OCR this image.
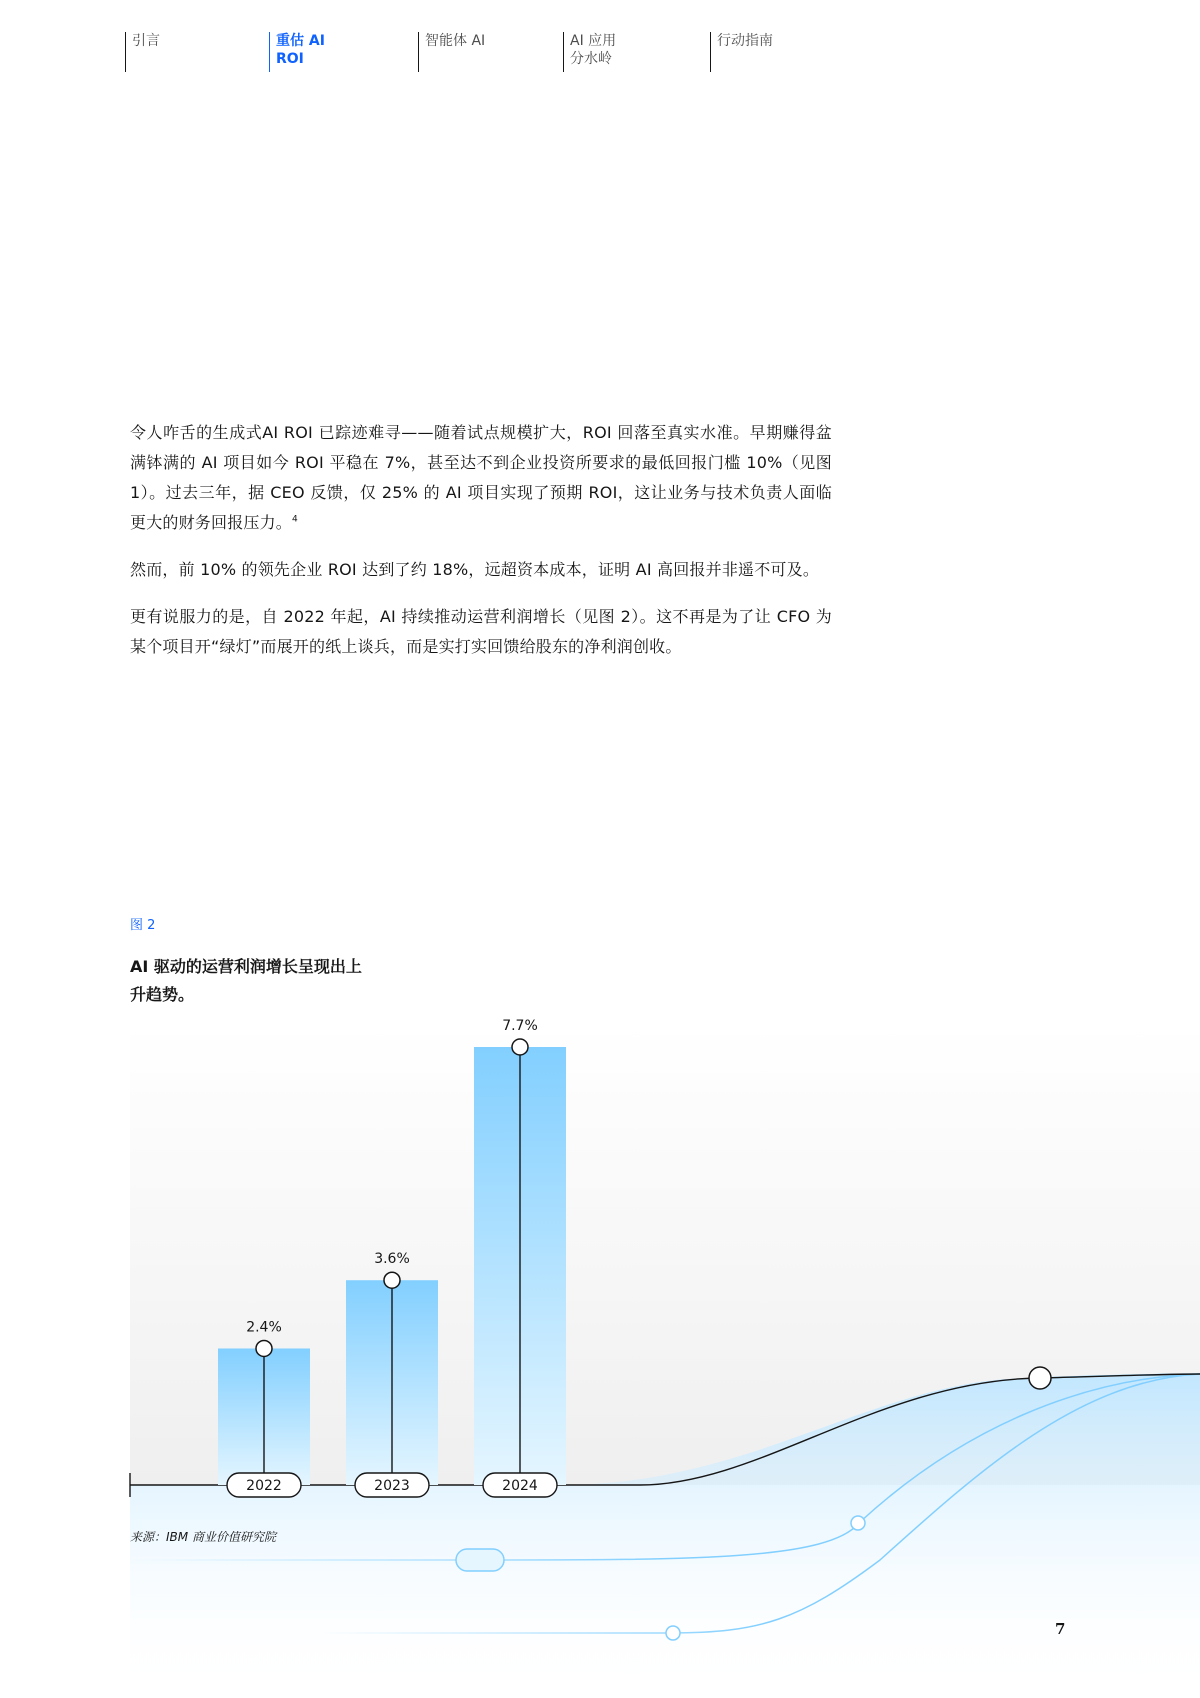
引言	重估 AI
ROI
智能体 AI	AI 应用
分水岭
行动指南

令人咋舌的生成式AI ROI 已踪迹难寻——随着试点规模扩大，ROI 回落至真实水准。早期赚得盆满钵满的 AI 项目如今 ROI 平稳在 7%，甚至达不到企业投资所要求的最低回报门槛 10%（见图 1）。过去三年，据 CEO 反馈，仅 25% 的 AI 项目实现了预期 ROI，这让业务与技术负责人面临更大的财务回报压力。$^4$

然而，前 10% 的领先企业 ROI 达到了约 18%，远超资本成本，证明 AI 高回报并非遥不可及。

更有说服力的是，自 2022 年起，AI 持续推动运营利润增长（见图 2）。这不再是为了让 CFO 为某个项目开“绿灯”而展开的纸上谈兵，而是实打实回馈给股东的净利润创收。

图 2
AI 驱动的运营利润增长呈现出上升趋势。
2.4%
2022
3.6%
2023
7.7%
2024
来源：IBM 商业价值研究院
7
